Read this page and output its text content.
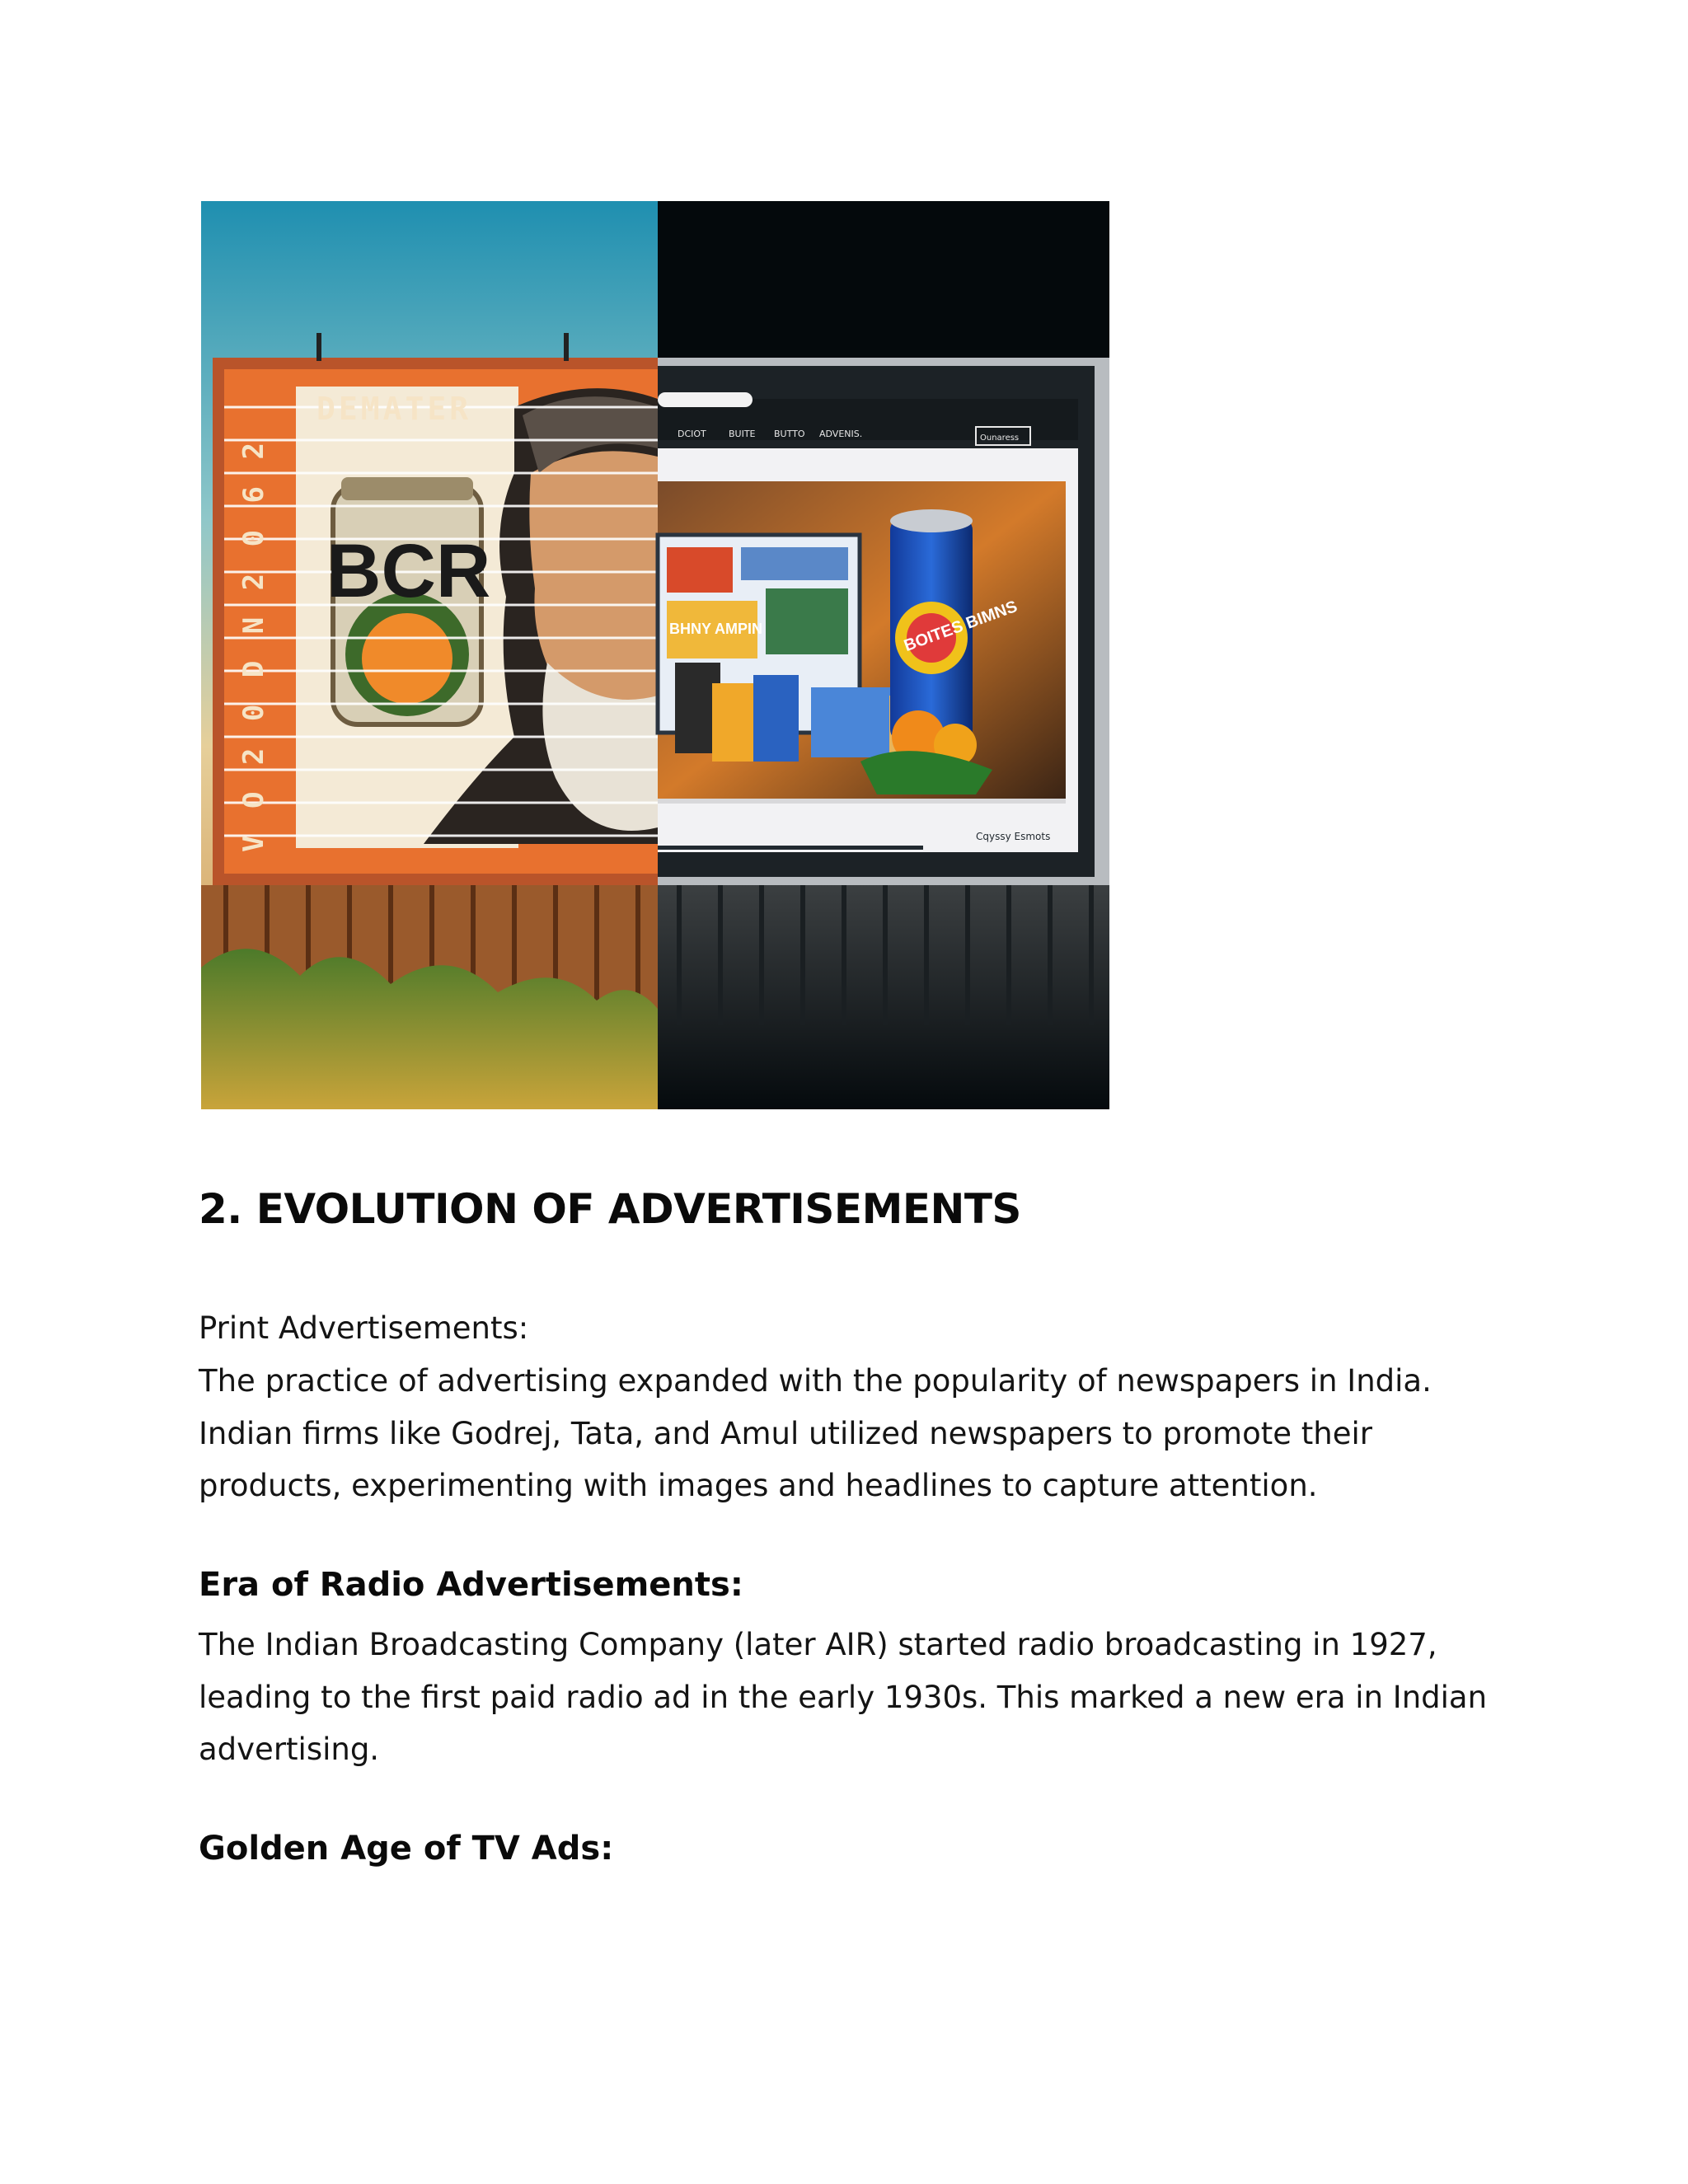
DEMATER
BCR
V O 2 0 D N 2 0 6 2
DCIOT BUITE BUTTO ADVENIS.	Ounaress
BOITES BIMNS
BHNY AMPIN
Cqyssy Esmots
2. EVOLUTION OF ADVERTISEMENTS

Print Advertisements:

The practice of advertising expanded with the popularity of newspapers in India.
Indian firms like Godrej, Tata, and Amul utilized newspapers to promote their
products, experimenting with images and headlines to capture attention.

Era of Radio Advertisements:

The Indian Broadcasting Company (later AIR) started radio broadcasting in 1927,
leading to the first paid radio ad in the early 1930s. This marked a new era in Indian
advertising.

Golden Age of TV Ads:
